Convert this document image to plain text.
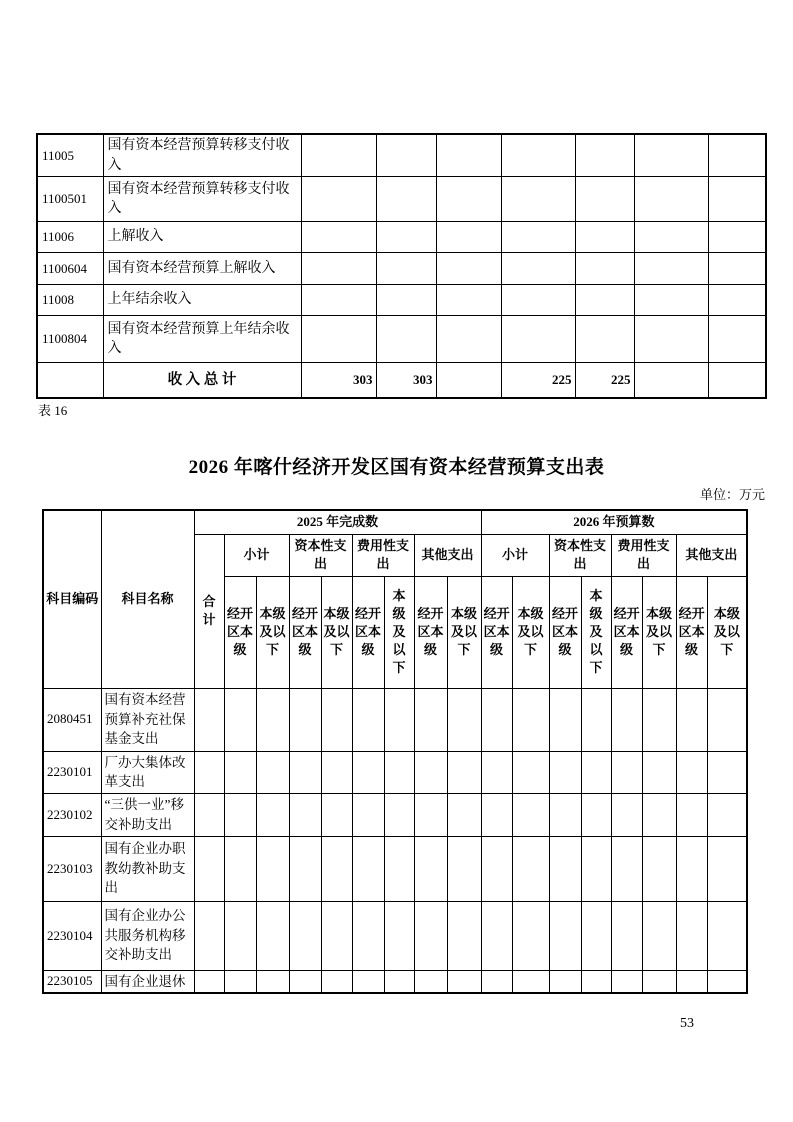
11005	国有资本经营预算转移支付收入							
1100501	国有资本经营预算转移支付收入							
11006	上解收入							
1100604	国有资本经营预算上解收入							
11008	上年结余收入							
1100804	国有资本经营预算上年结余收入							
	收 入 总 计	303	303		225	225		
表 16
2026 年喀什经济开发区国有资本经营预算支出表
单位：万元
科目编码	科目名称	2025 年完成数									2026 年预算数							
		合计	小计		资本性支出		费用性支出		其他支出		小计		资本性支出		费用性支出		其他支出	
			经开区本级	本级及以下	经开区本级	本级及以下	经开区本级	本级及以下	经开区本级	本级及以下	经开区本级	本级及以下	经开区本级	本级及以下	经开区本级	本级及以下	经开区本级	本级及以下
2080451	国有资本经营预算补充社保基金支出																	
2230101	厂办大集体改革支出																	
2230102	“三供一业”移交补助支出																	
2230103	国有企业办职教幼教补助支出																	
2230104	国有企业办公共服务机构移交补助支出																	
2230105	国有企业退休																	
53
